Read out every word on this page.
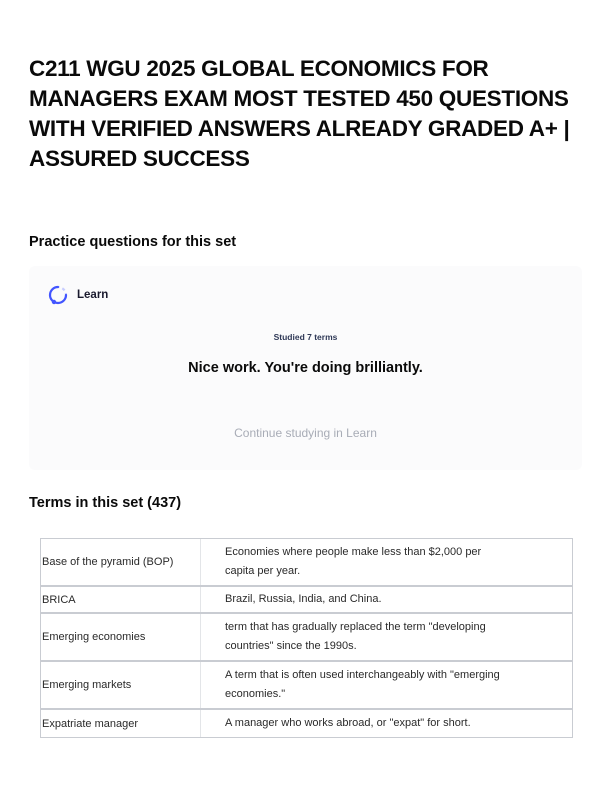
C211 WGU 2025 GLOBAL ECONOMICS FOR MANAGERS EXAM MOST TESTED 450 QUESTIONS WITH VERIFIED ANSWERS ALREADY GRADED A+ | ASSURED SUCCESS
Practice questions for this set
Learn
Studied 7 terms
Nice work. You're doing brilliantly.
Continue studying in Learn
Terms in this set (437)
Base of the pyramid (BOP)
Economies where people make less than $2,000 per capita per year.
BRICA	Brazil, Russia, India, and China.
Emerging economies
term that has gradually replaced the term "developing countries" since the 1990s.
Emerging markets
A term that is often used interchangeably with "emerging economies."
Expatriate manager	A manager who works abroad, or "expat" for short.
